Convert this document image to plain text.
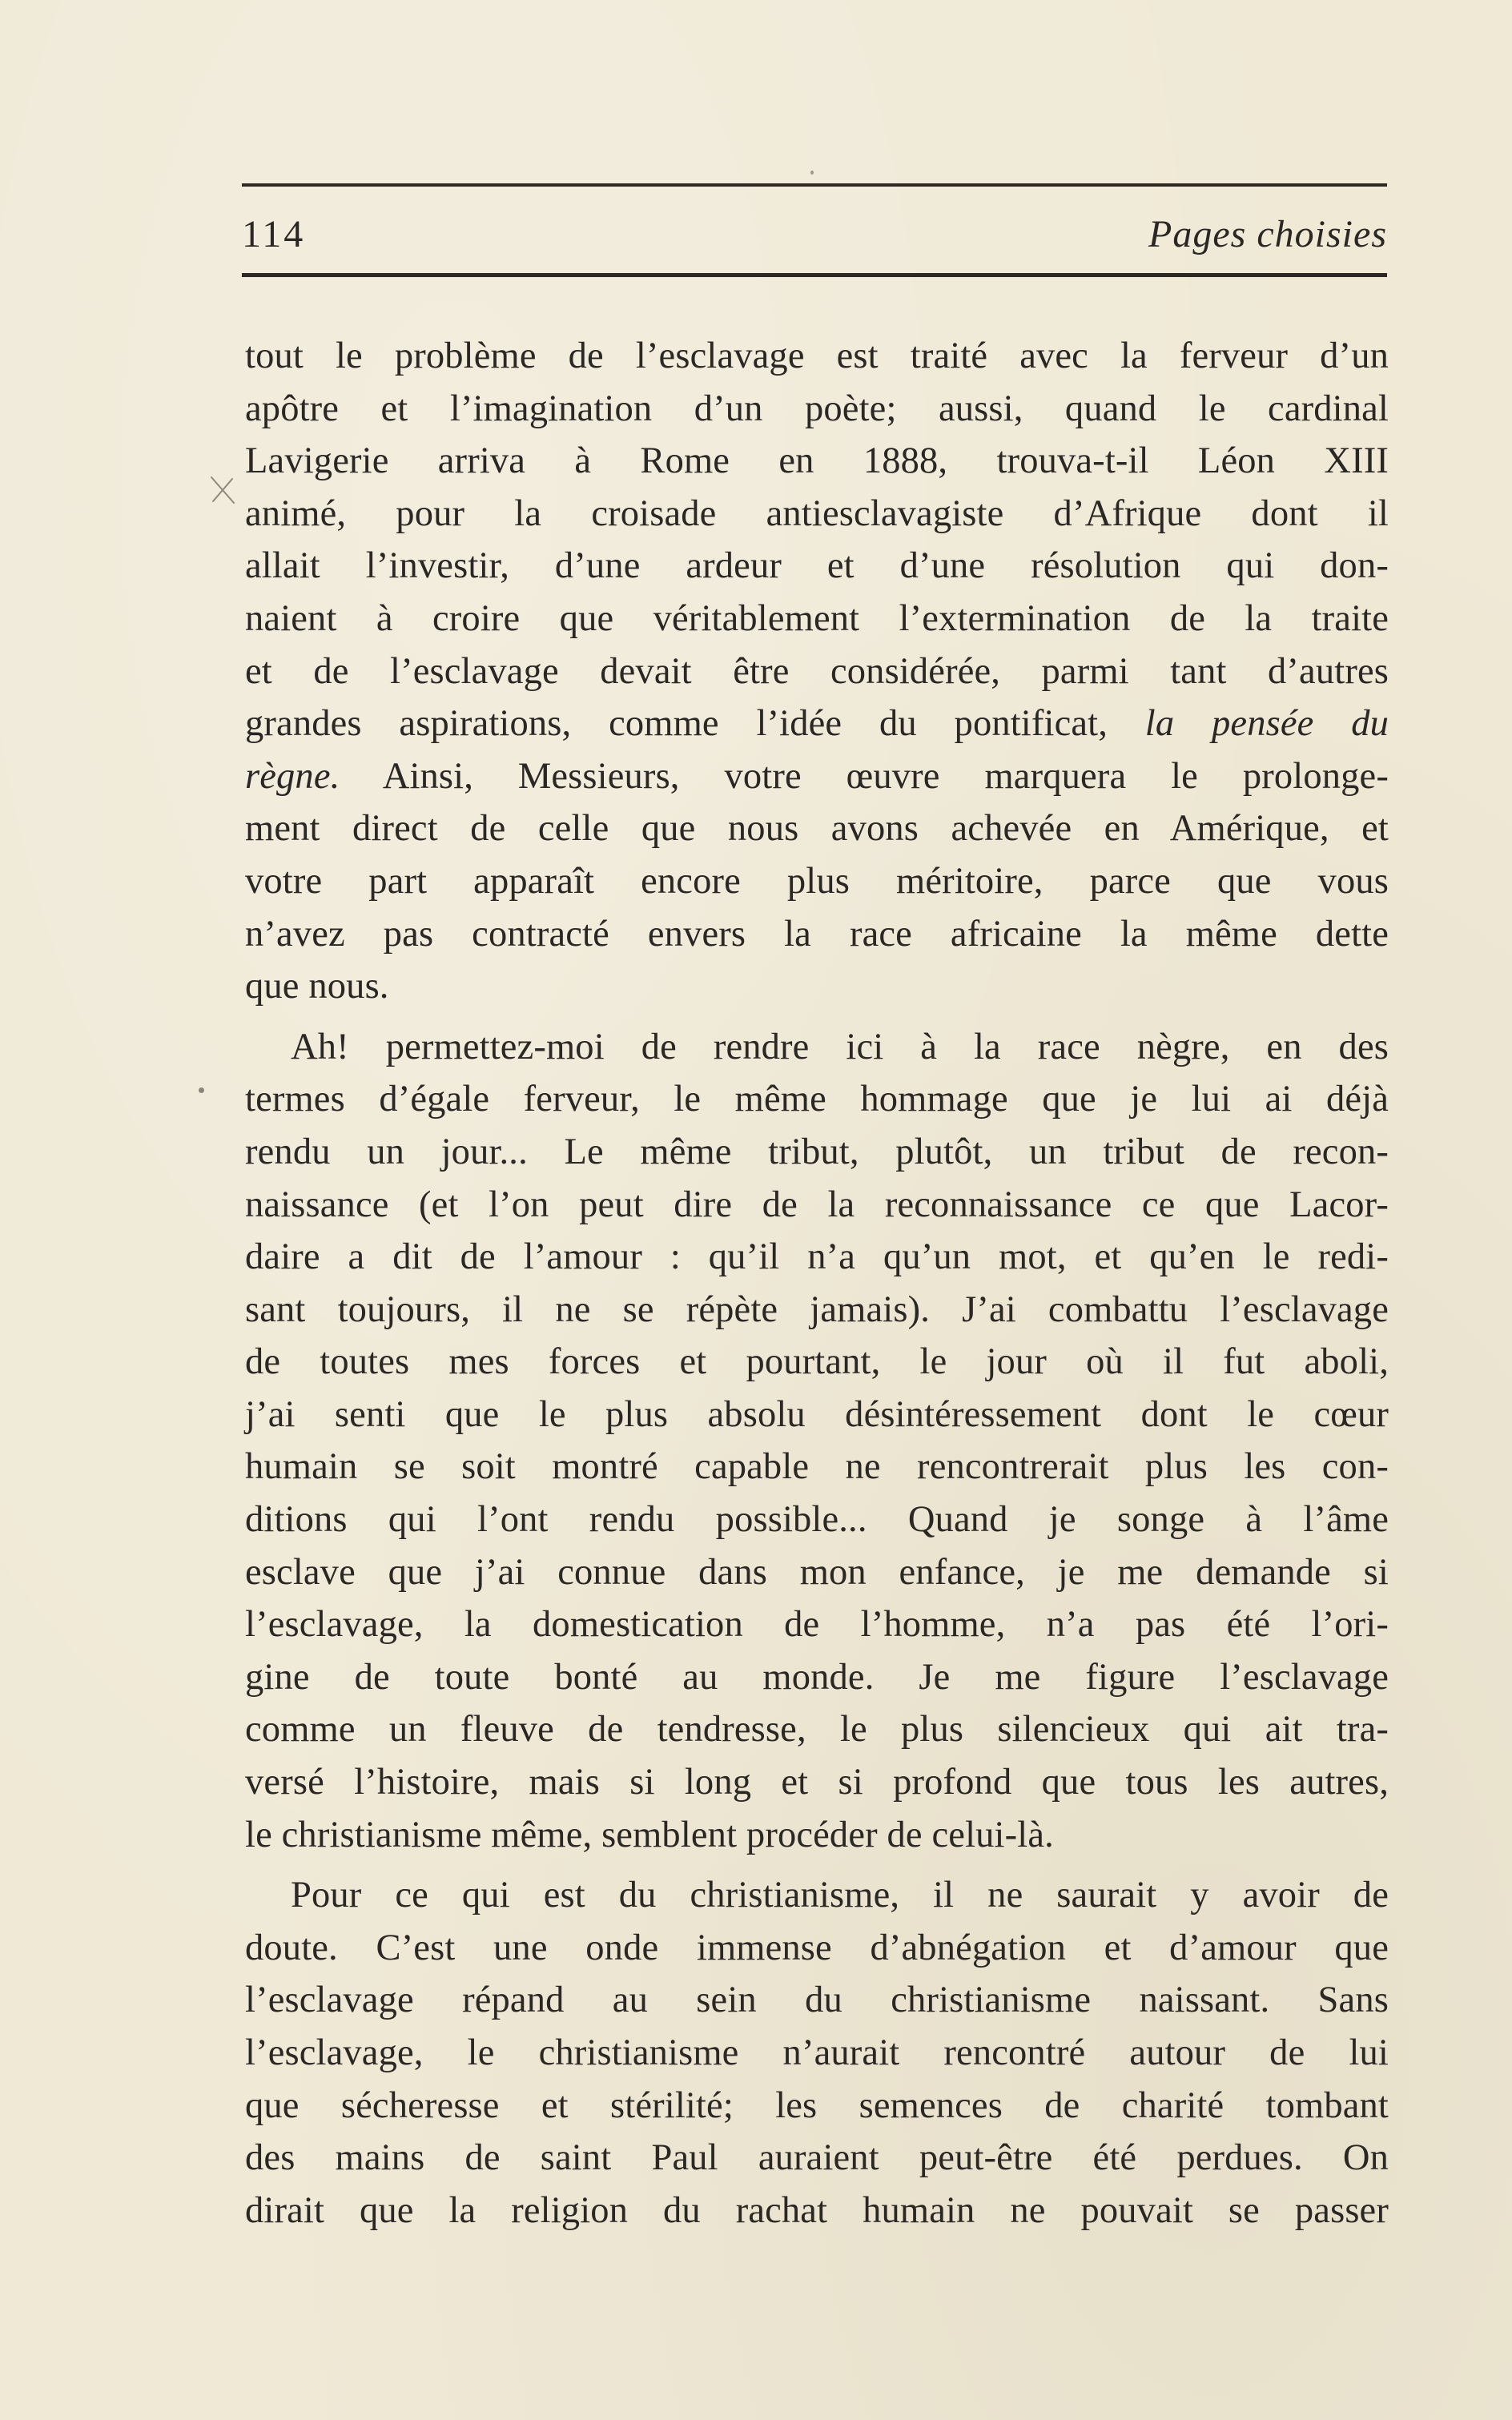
114	Pages choisies
tout le problème de l’esclavage est traité avec la ferveur d’un
apôtre et l’imagination d’un poète; aussi, quand le cardinal
Lavigerie arriva à Rome en 1888, trouva-t-il Léon XIII
animé, pour la croisade antiesclavagiste d’Afrique dont il
allait l’investir, d’une ardeur et d’une résolution qui don-
naient à croire que véritablement l’extermination de la traite
et de l’esclavage devait être considérée, parmi tant d’autres
grandes aspirations, comme l’idée du pontificat, la pensée du
règne. Ainsi, Messieurs, votre œuvre marquera le prolonge-
ment direct de celle que nous avons achevée en Amérique, et
votre part apparaît encore plus méritoire, parce que vous
n’avez pas contracté envers la race africaine la même dette
que nous.
Ah! permettez-moi de rendre ici à la race nègre, en des
termes d’égale ferveur, le même hommage que je lui ai déjà
rendu un jour... Le même tribut, plutôt, un tribut de recon-
naissance (et l’on peut dire de la reconnaissance ce que Lacor-
daire a dit de l’amour : qu’il n’a qu’un mot, et qu’en le redi-
sant toujours, il ne se répète jamais). J’ai combattu l’esclavage
de toutes mes forces et pourtant, le jour où il fut aboli,
j’ai senti que le plus absolu désintéressement dont le cœur
humain se soit montré capable ne rencontrerait plus les con-
ditions qui l’ont rendu possible... Quand je songe à l’âme
esclave que j’ai connue dans mon enfance, je me demande si
l’esclavage, la domestication de l’homme, n’a pas été l’ori-
gine de toute bonté au monde. Je me figure l’esclavage
comme un fleuve de tendresse, le plus silencieux qui ait tra-
versé l’histoire, mais si long et si profond que tous les autres,
le christianisme même, semblent procéder de celui-là.
Pour ce qui est du christianisme, il ne saurait y avoir de
doute. C’est une onde immense d’abnégation et d’amour que
l’esclavage répand au sein du christianisme naissant. Sans
l’esclavage, le christianisme n’aurait rencontré autour de lui
que sécheresse et stérilité; les semences de charité tombant
des mains de saint Paul auraient peut-être été perdues. On
dirait que la religion du rachat humain ne pouvait se passer
